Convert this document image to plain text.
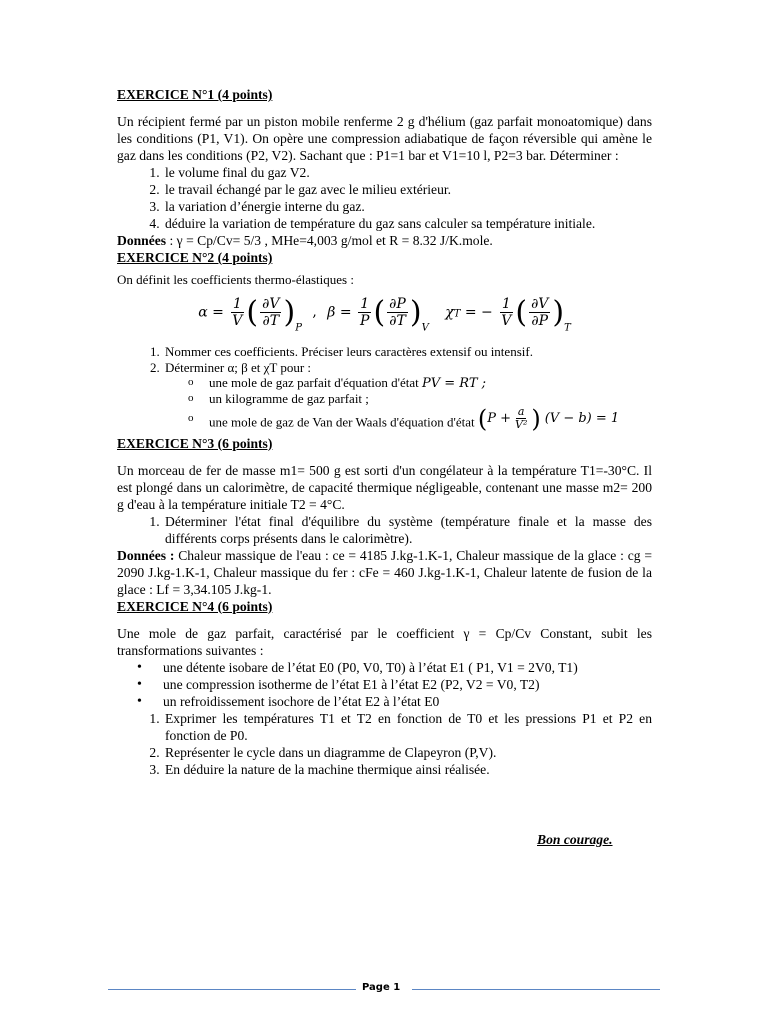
EXERCICE N°1 (4 points)

Un récipient fermé par un piston mobile renferme 2 g d'hélium (gaz parfait monoatomique) dans les conditions (P1, V1). On opère une compression adiabatique de façon réversible qui amène le gaz dans les conditions (P2, V2). Sachant que : P1=1 bar et V1=10 l, P2=3 bar. Déterminer :

1. le volume final du gaz V2.
2. le travail échangé par le gaz avec le milieu extérieur.
3. la variation d’énergie interne du gaz.
4. déduire la variation de température du gaz sans calculer sa température initiale.

Données : γ = Cp/Cv= 5/3 , MHe=4,003 g/mol et R = 8.32 J/K.mole.

EXERCICE N°2 (4 points)

On définit les coefficients thermo-élastiques :

$\alpha = \frac{1}{V}$ ( $\frac{\partial V}{\partial T} )_P$ , $\beta = \frac{1}{P}$ ( $\frac{\partial P}{\partial T} )_V$ χT = − $\frac{1}{V}$ ( $\frac{\partial V}{\partial P} )_T$
1. Nommer ces coefficients. Préciser leurs caractères extensif ou intensif.
2. Déterminer α; β et χT pour :
o une mole de gaz parfait d'équation d'état PV = RT ;
o un kilogramme de gaz parfait ;
o une mole de gaz de Van der Waals d'équation d'état ( $P + \frac{a}{\text{V²}}$ ) (V − b) = 1

EXERCICE N°3 (6 points)

Un morceau de fer de masse m1= 500 g est sorti d'un congélateur à la température T1=-30°C. Il est plongé dans un calorimètre, de capacité thermique négligeable, contenant une masse m2= 200 g d'eau à la température initiale T2 = 4°C.

1. Déterminer l'état final d'équilibre du système (température finale et la masse des différents corps présents dans le calorimètre).

Données : Chaleur massique de l'eau : ce = 4185 J.kg-1.K-1, Chaleur massique de la glace : cg = 2090 J.kg-1.K-1, Chaleur massique du fer : cFe = 460 J.kg-1.K-1, Chaleur latente de fusion de la glace : Lf = 3,34.105 J.kg-1.

EXERCICE N°4 (6 points)

Une mole de gaz parfait, caractérisé par le coefficient γ = Cp/Cv Constant, subit les transformations suivantes :

• une détente isobare de l’état E0 (P0, V0, T0) à l’état E1 ( P1, V1 = 2V0, T1)
• une compression isotherme de l’état E1 à l’état E2 (P2, V2 = V0, T2)
• un refroidissement isochore de l’état E2 à l’état E0
1. Exprimer les températures T1 et T2 en fonction de T0 et les pressions P1 et P2 en fonction de P0.
2. Représenter le cycle dans un diagramme de Clapeyron (P,V).
3. En déduire la nature de la machine thermique ainsi réalisée.
Bon courage.
Page 1
